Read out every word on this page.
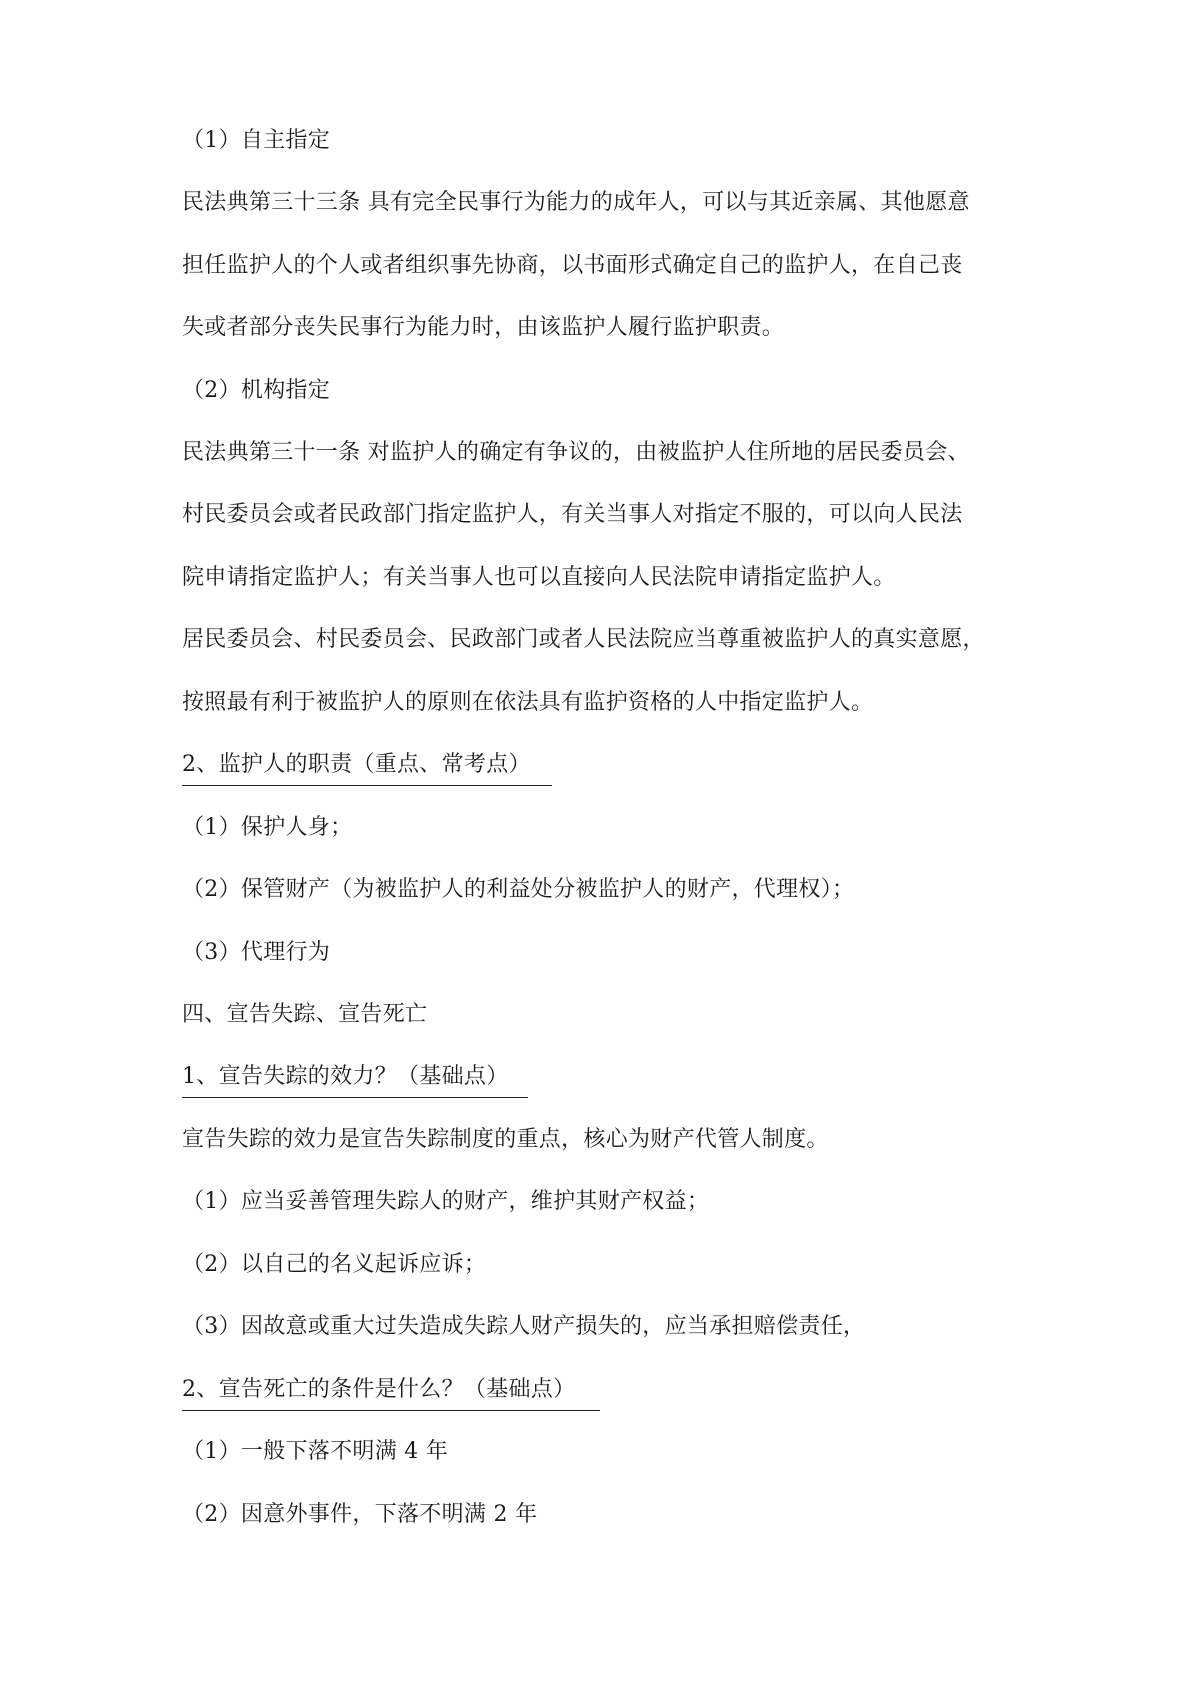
（1）自主指定
民法典第三十三条 具有完全民事行为能力的成年人，可以与其近亲属、其他愿意
担任监护人的个人或者组织事先协商，以书面形式确定自己的监护人，在自己丧
失或者部分丧失民事行为能力时，由该监护人履行监护职责。
（2）机构指定
民法典第三十一条 对监护人的确定有争议的，由被监护人住所地的居民委员会、
村民委员会或者民政部门指定监护人，有关当事人对指定不服的，可以向人民法
院申请指定监护人；有关当事人也可以直接向人民法院申请指定监护人。
居民委员会、村民委员会、民政部门或者人民法院应当尊重被监护人的真实意愿，
按照最有利于被监护人的原则在依法具有监护资格的人中指定监护人。
2、监护人的职责（重点、常考点）
（1）保护人身；
（2）保管财产（为被监护人的利益处分被监护人的财产，代理权）；
（3）代理行为
四、宣告失踪、宣告死亡
1、宣告失踪的效力？（基础点）
宣告失踪的效力是宣告失踪制度的重点，核心为财产代管人制度。
（1）应当妥善管理失踪人的财产，维护其财产权益；
（2）以自己的名义起诉应诉；
（3）因故意或重大过失造成失踪人财产损失的，应当承担赔偿责任，
2、宣告死亡的条件是什么？（基础点）
（1）一般下落不明满 4 年
（2）因意外事件，下落不明满 2 年
